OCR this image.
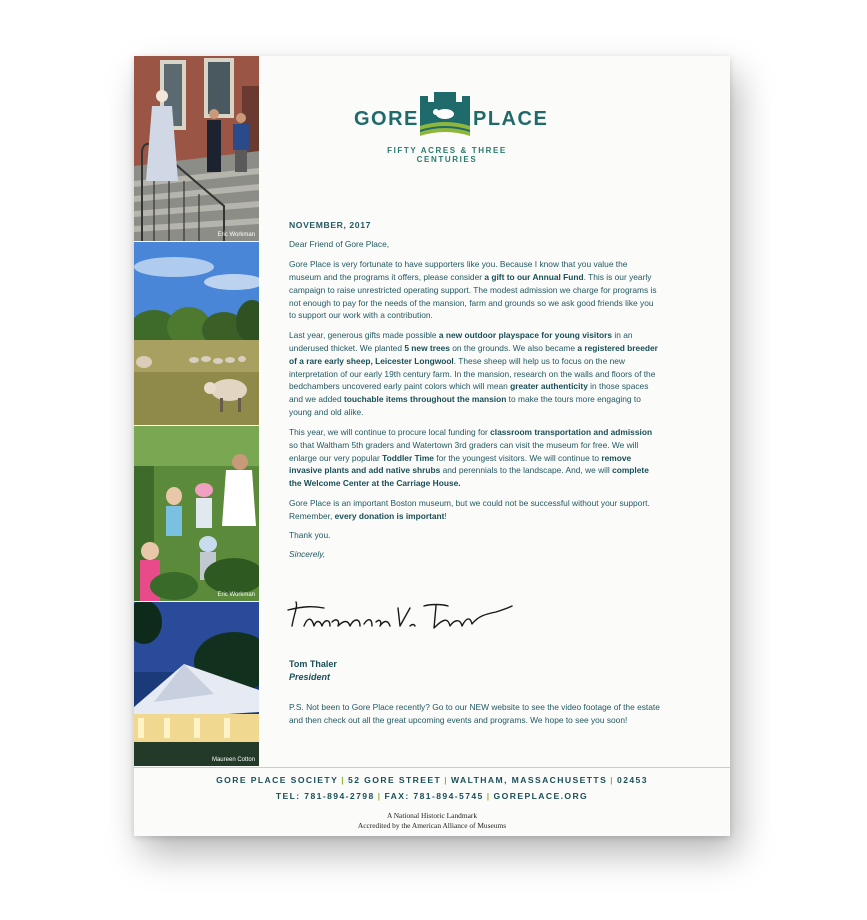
Eric Workman
Eric Workman
Maureen Cotton
GORE	PLACE
FIFTY ACRES & THREE CENTURIES

NOVEMBER, 2017

Dear Friend of Gore Place,

Gore Place is very fortunate to have supporters like you. Because I know that you value the museum and the programs it offers, please consider a gift to our Annual Fund. This is our yearly campaign to raise unrestricted operating support. The modest admission we charge for programs is not enough to pay for the needs of the mansion, farm and grounds so we ask good friends like you to support our work with a contribution.

Last year, generous gifts made possible a new outdoor playspace for young visitors in an underused thicket. We planted 5 new trees on the grounds. We also became a registered breeder of a rare early sheep, Leicester Longwool. These sheep will help us to focus on the new interpretation of our early 19th century farm. In the mansion, research on the walls and floors of the bedchambers uncovered early paint colors which will mean greater authenticity in those spaces and we added touchable items throughout the mansion to make the tours more engaging to young and old alike.

This year, we will continue to procure local funding for classroom transportation and admission so that Waltham 5th graders and Watertown 3rd graders can visit the museum for free. We will enlarge our very popular Toddler Time for the youngest visitors. We will continue to remove invasive plants and add native shrubs and perennials to the landscape. And, we will complete the Welcome Center at the Carriage House.

Gore Place is an important Boston museum, but we could not be successful without your support. Remember, every donation is important!

Thank you.

Sincerely,

Tom Thaler
President
P.S. Not been to Gore Place recently? Go to our NEW website to see the video footage of the estate and then check out all the great upcoming events and programs. We hope to see you soon!
GORE PLACE SOCIETY | 52 GORE STREET | WALTHAM, MASSACHUSETTS | 02453
TEL: 781-894-2798 | FAX: 781-894-5745 | GOREPLACE.ORG
A National Historic Landmark
Accredited by the American Alliance of Museums
